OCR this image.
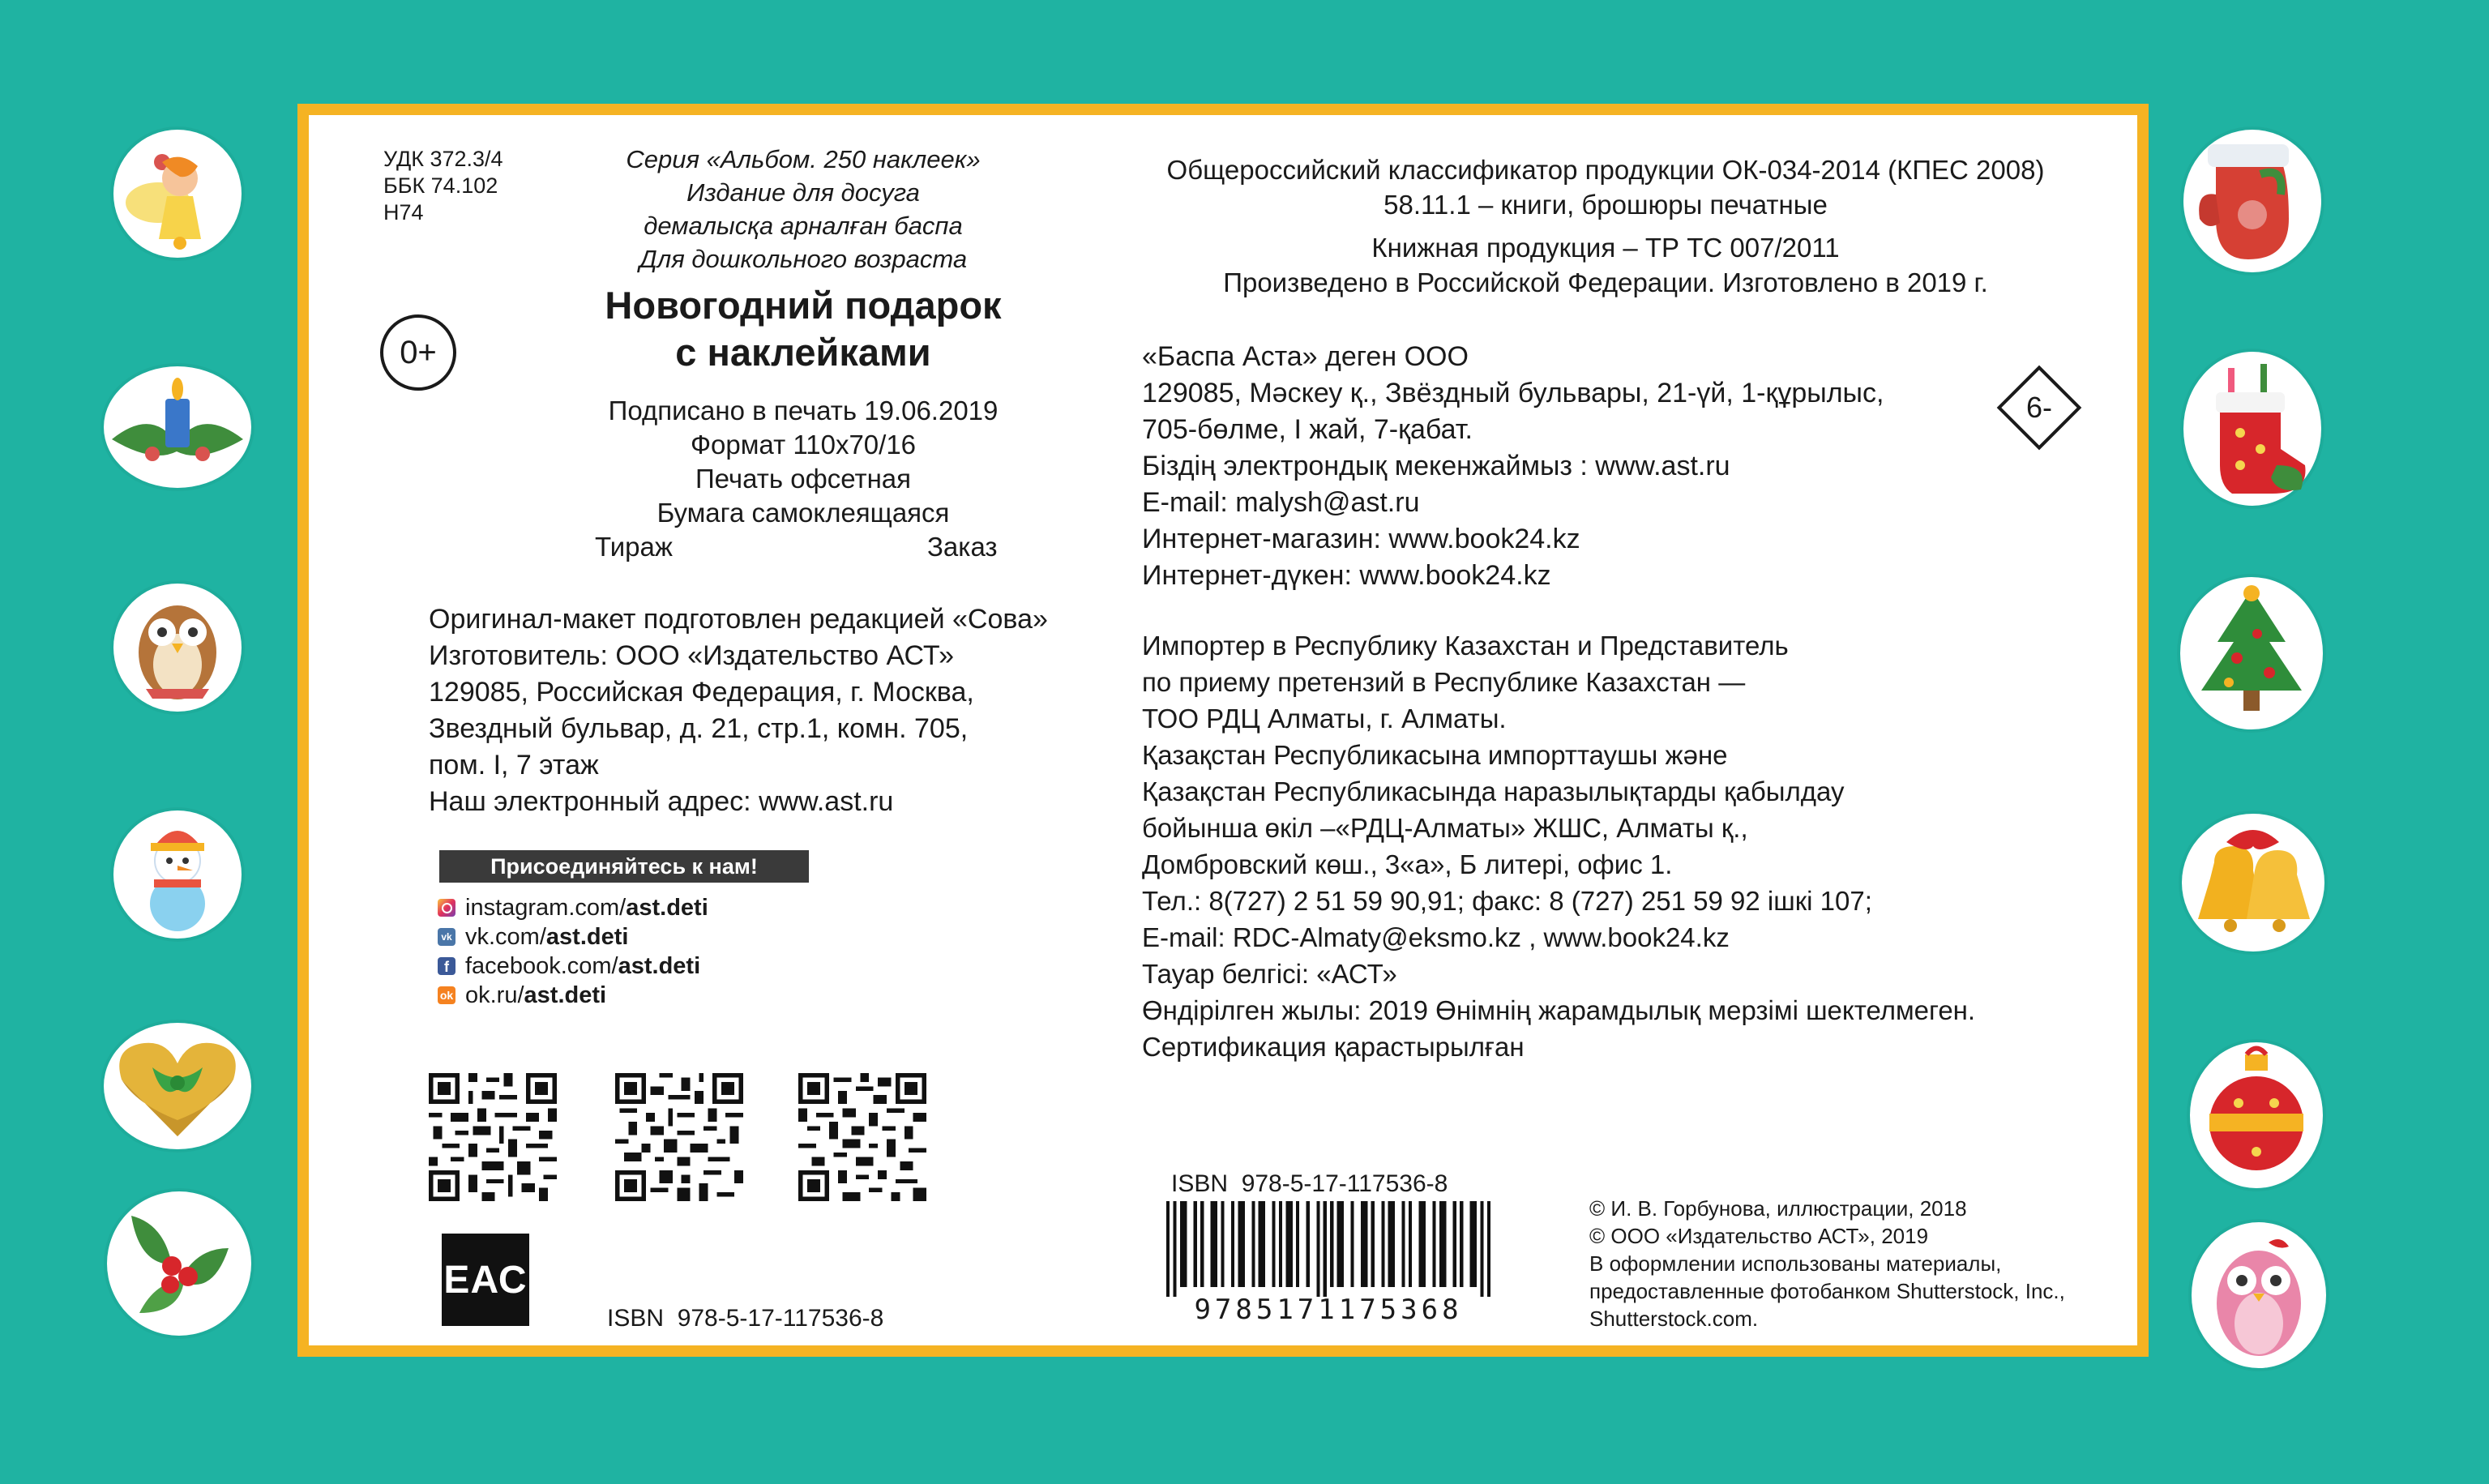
УДК 372.3/4
ББК 74.102
Н74
Серия «Альбом. 250 наклеек»
Издание для досуга
демалысқа арналған баспа
Для дошкольного возраста
0+
Новогодний подарок
с наклейками
Подписано в печать 19.06.2019
Формат 110x70/16
Печать офсетная
Бумага самоклеящаяся
Тираж	Заказ
Оригинал-макет подготовлен редакцией «Сова»
Изготовитель: ООО «Издательство АСТ»
129085, Российская Федерация, г. Москва,
Звездный бульвар, д. 21, стр.1, комн. 705,
пом. I, 7 этаж
Наш электронный адрес: www.ast.ru
Присоединяйтесь к нам!
instagram.com/ ast.deti
vk vk.com/ ast.deti
f facebook.com/ ast.deti
ok ok.ru/ ast.deti
ЕАС
ISBN  978-5-17-117536-8
Общероссийский классификатор продукции ОК-034-2014 (КПЕС 2008)
58.11.1 – книги, брошюры печатные
Книжная продукция – ТР ТС 007/2011
Произведено в Российской Федерации. Изготовлено в 2019 г.
«Баспа Аста» деген ООО
129085, Мәскеу қ., Звёздный бульвары, 21-үй, 1-құрылыс,
705-бөлме, I жай, 7-қабат.
Біздің электрондық мекенжаймыз : www.ast.ru
E-mail: malysh@ast.ru
Интернет-магазин: www.book24.kz
Интернет-дүкен: www.book24.kz
6-
Импортер в Республику Казахстан и Представитель
по приему претензий в Республике Казахстан —
ТОО РДЦ Алматы, г. Алматы.
Қазақстан Республикасына импорттаушы және
Қазақстан Республикасында наразылықтарды қабылдау
бойынша өкіл –«РДЦ-Алматы» ЖШС, Алматы қ.,
Домбровский көш., 3«а», Б литері, офис 1.
Тел.: 8(727) 2 51 59 90,91; факс: 8 (727) 251 59 92 ішкі 107;
E-mail: RDC-Almaty@eksmo.kz , www.book24.kz
Тауар белгісі: «АСТ»
Өндірілген жылы: 2019 Өнімнің жарамдылық мерзімі шектелмеген.
Сертификация қарастырылған
ISBN  978-5-17-117536-8
9785171175368
© И. В. Горбунова, иллюстрации, 2018
© ООО «Издательство АСТ», 2019
В оформлении использованы материалы,
предоставленные фотобанком Shutterstock, Inc.,
Shutterstock.com.
